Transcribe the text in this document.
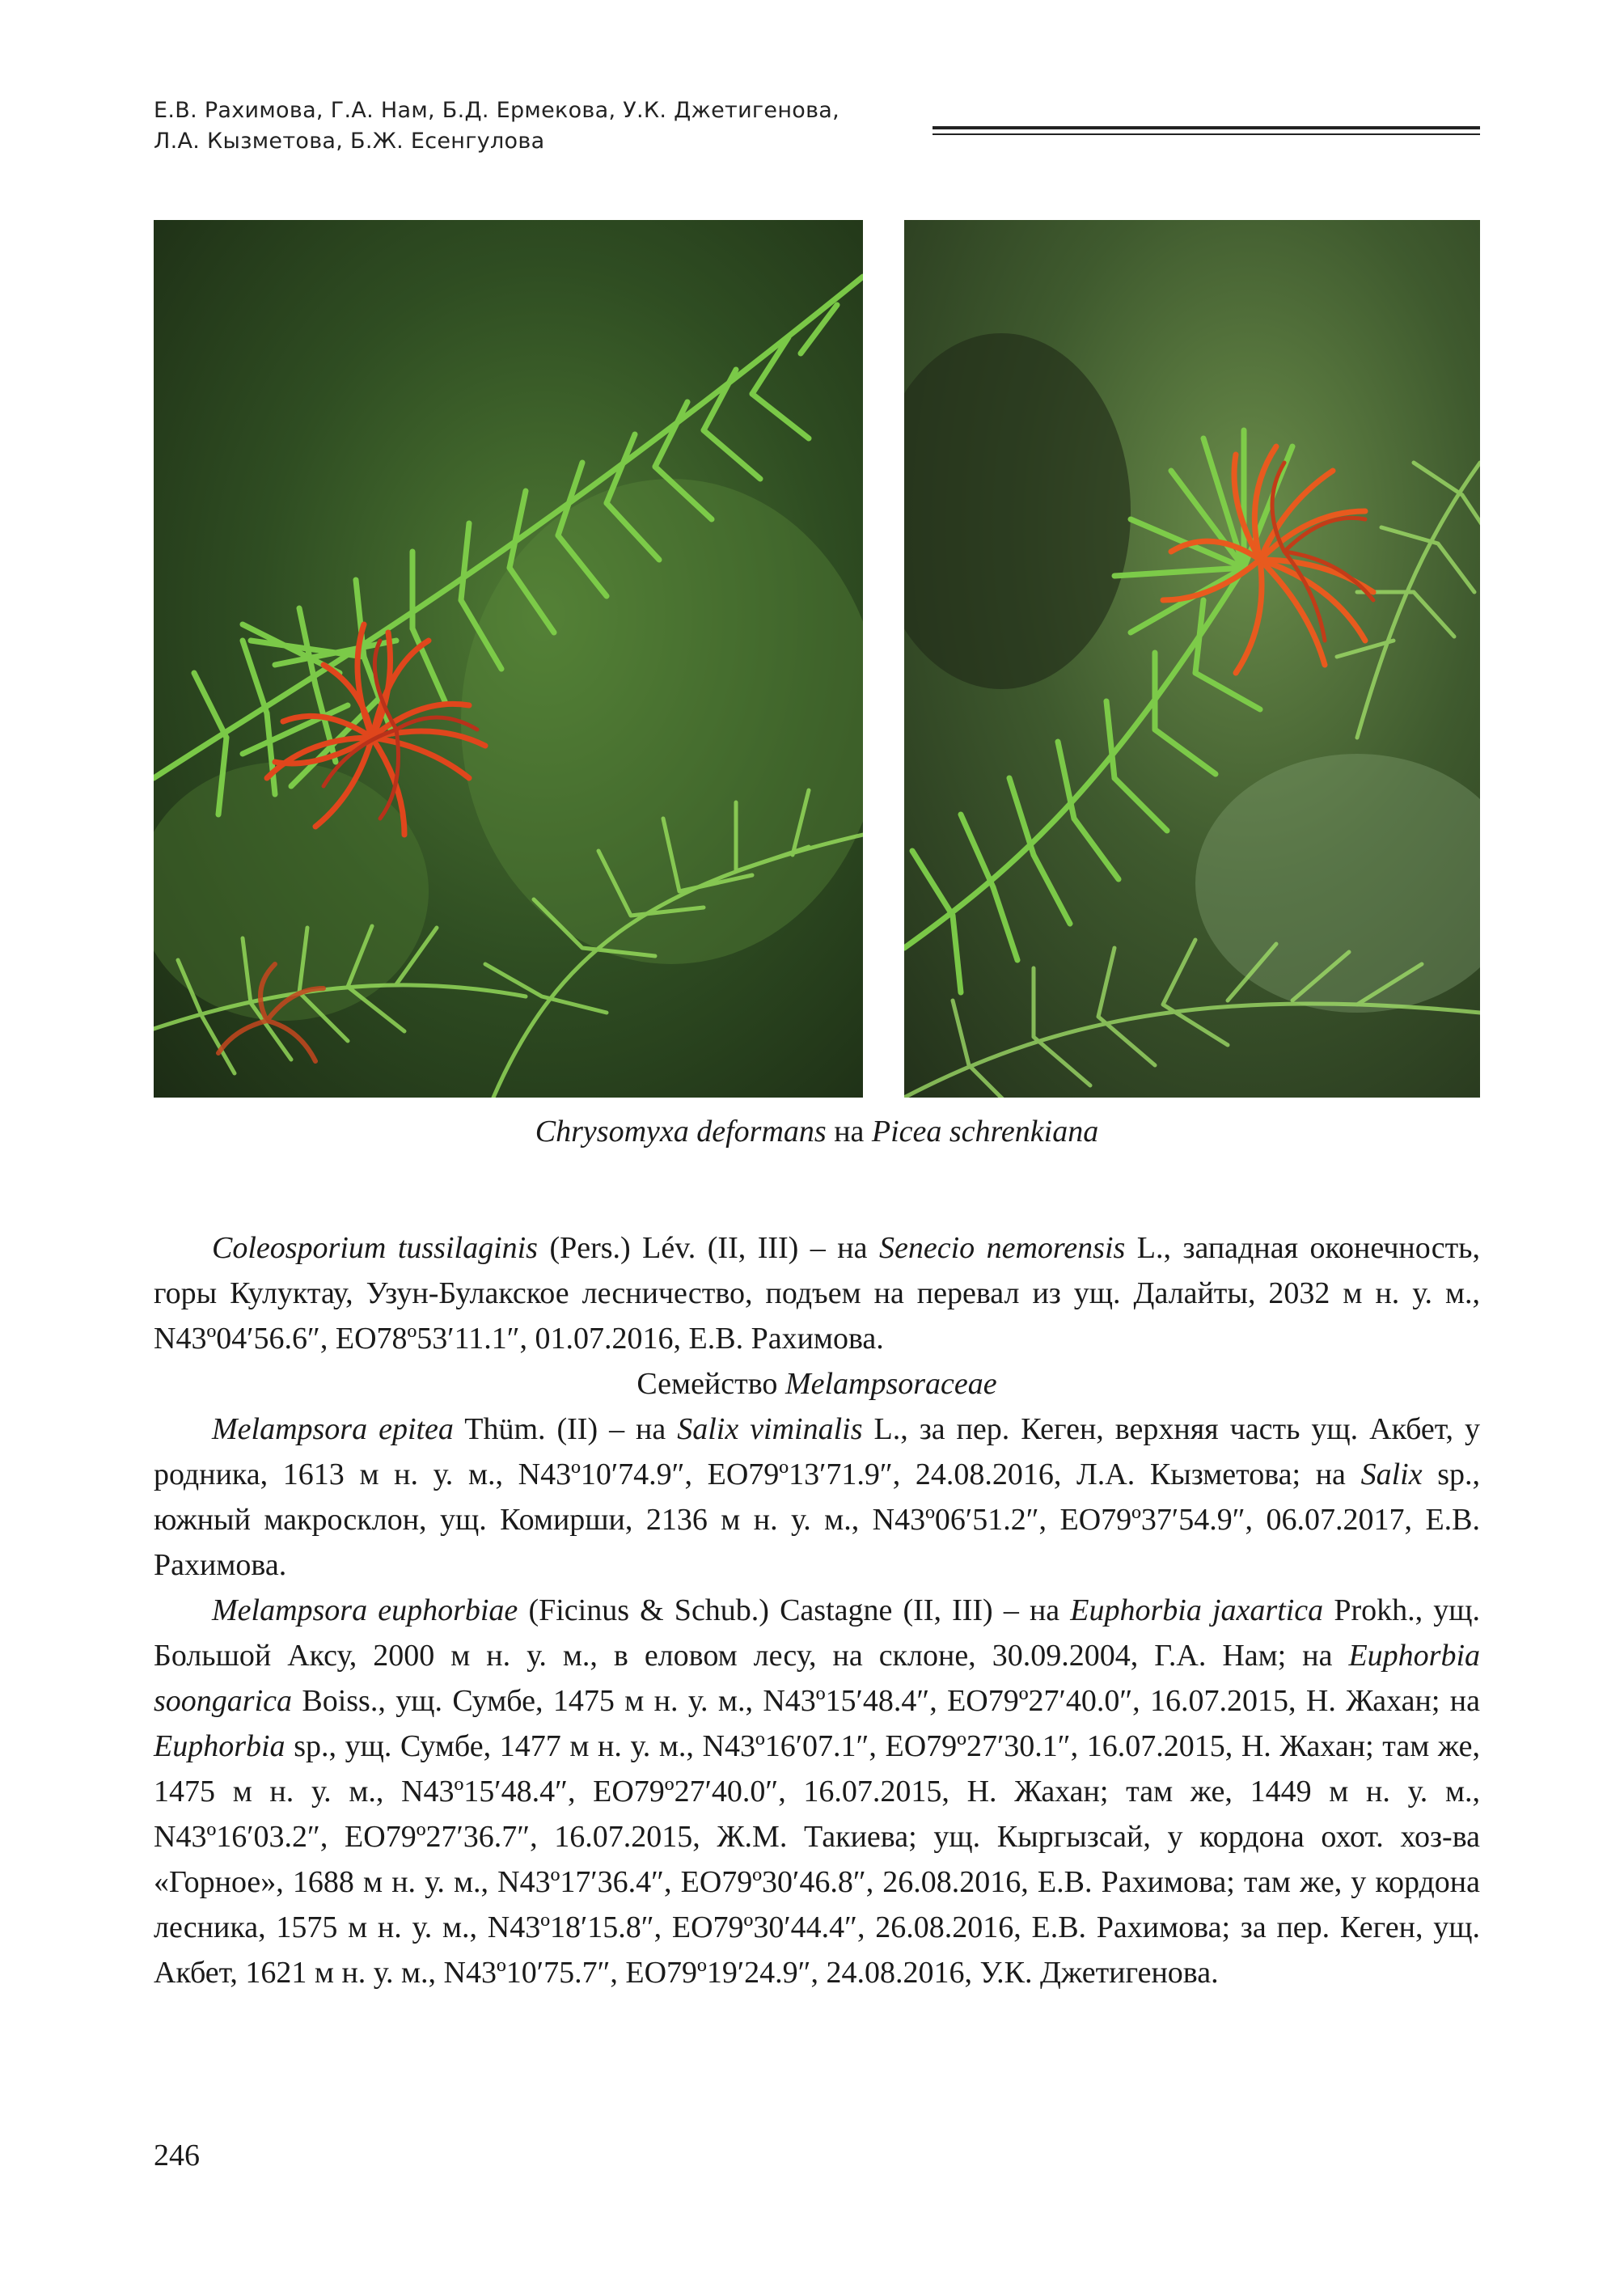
Е.В. Рахимова, Г.А. Нам, Б.Д. Ермекова, У.К. Джетигенова,
Л.А. Кызметова, Б.Ж. Есенгулова
Chrysomyxa deformans на Picea schrenkiana

Coleosporium tussilaginis (Pers.) Lév. (II, III) – на Senecio nemorensis L., западная оконечность, горы Кулуктау, Узун-Булакское лесничество, подъем на перевал из ущ. Далайты, 2032 м н. у. м., N43º04′56.6″, EO78º53′11.1″, 01.07.2016, Е.В. Рахимова.

Семейство Melampsoraceae

Melampsora epitea Thüm. (II) – на Salix viminalis L., за пер. Кеген, верхняя часть ущ. Акбет, у родника, 1613 м н. у. м., N43º10′74.9″, EO79º13′71.9″, 24.08.2016, Л.А. Кызметова; на Salix sp., южный макросклон, ущ. Комирши, 2136 м н. у. м., N43º06′51.2″, EO79º37′54.9″, 06.07.2017, Е.В. Рахимова.

Melampsora euphorbiae (Ficinus & Schub.) Castagne (II, III) – на Euphorbia jaxartica Prokh., ущ. Большой Аксу, 2000 м н. у. м., в еловом лесу, на склоне, 30.09.2004, Г.А. Нам; на Euphorbia soongarica Boiss., ущ. Сумбе, 1475 м н. у. м., N43º15′48.4″, EO79º27′40.0″, 16.07.2015, Н. Жахан; на Euphorbia sp., ущ. Сумбе, 1477 м н. у. м., N43º16′07.1″, EO79º27′30.1″, 16.07.2015, Н. Жахан; там же, 1475 м н. у. м., N43º15′48.4″, EO79º27′40.0″, 16.07.2015, Н. Жахан; там же, 1449 м н. у. м., N43º16′03.2″, EO79º27′36.7″, 16.07.2015, Ж.М. Такиева; ущ. Кыргызсай, у кордона охот. хоз-ва «Горное», 1688 м н. у. м., N43º17′36.4″, EO79º30′46.8″, 26.08.2016, Е.В. Рахимова; там же, у кордона лесника, 1575 м н. у. м., N43º18′15.8″, EO79º30′44.4″, 26.08.2016, Е.В. Рахимова; за пер. Кеген, ущ. Акбет, 1621 м н. у. м., N43º10′75.7″, EO79º19′24.9″, 24.08.2016, У.К. Джетигенова.

246
